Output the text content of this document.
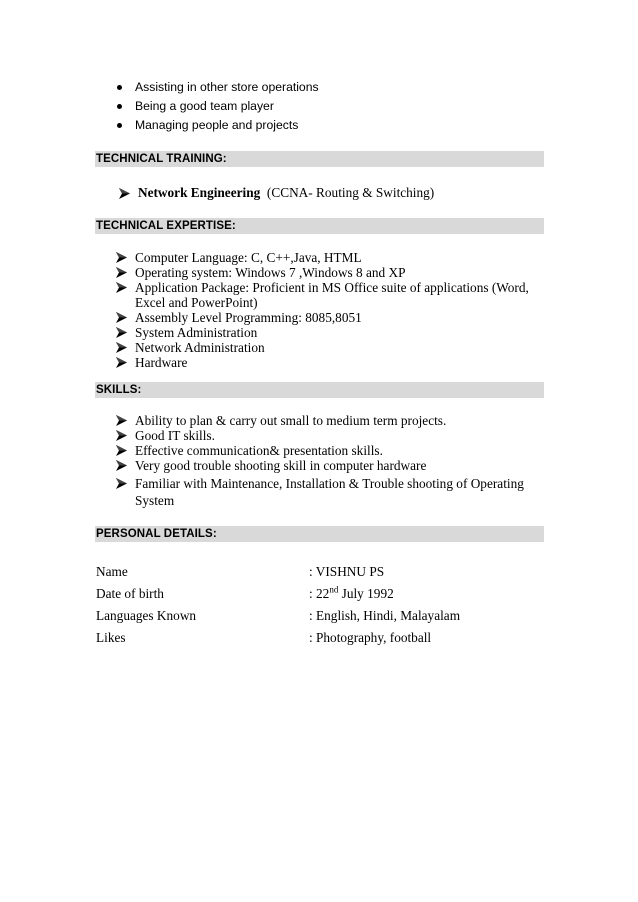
Assisting in other store operations
Being a good team player
Managing people and projects
TECHNICAL TRAINING:
Network Engineering (CCNA- Routing & Switching)
TECHNICAL EXPERTISE:
Computer Language: C, C++,Java, HTML
Operating system: Windows 7 ,Windows 8 and XP
Application Package: Proficient in MS Office suite of applications (Word, Excel and PowerPoint)
Assembly Level Programming: 8085,8051
System Administration
Network Administration
Hardware
SKILLS:
Ability to plan & carry out small to medium term projects.
Good IT skills.
Effective communication& presentation skills.
Very good trouble shooting skill in computer hardware
Familiar with Maintenance, Installation & Trouble shooting of Operating System
PERSONAL DETAILS:
Name	: VISHNU PS
Date of birth	: 22nd July 1992
Languages Known	: English, Hindi, Malayalam
Likes	: Photography, football
